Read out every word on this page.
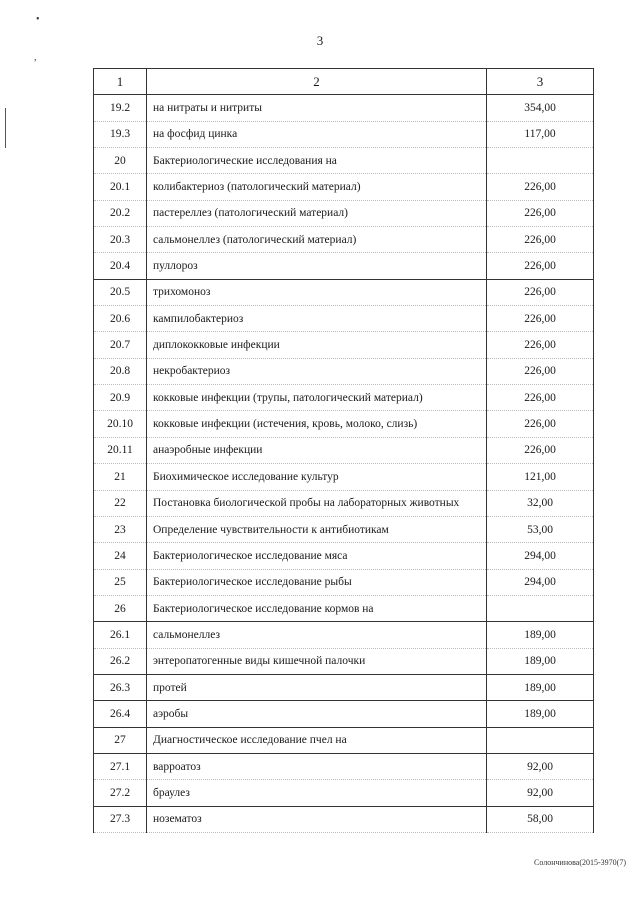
•
,
3
1	2	3
19.2	на нитраты и нитриты	354,00
19.3	на фосфид цинка	117,00
20	Бактериологические исследования на	
20.1	колибактериоз (патологический материал)	226,00
20.2	пастереллез (патологический материал)	226,00
20.3	сальмонеллез (патологический материал)	226,00
20.4	пуллороз	226,00
20.5	трихомоноз	226,00
20.6	кампилобактериоз	226,00
20.7	диплококковые инфекции	226,00
20.8	некробактериоз	226,00
20.9	кокковые инфекции (трупы, патологический материал)	226,00
20.10	кокковые инфекции (истечения, кровь, молоко, слизь)	226,00
20.11	анаэробные инфекции	226,00
21	Биохимическое исследование культур	121,00
22	Постановка биологической пробы на лабораторных животных	32,00
23	Определение чувствительности к антибиотикам	53,00
24	Бактериологическое исследование мяса	294,00
25	Бактериологическое исследование рыбы	294,00
26	Бактериологическое исследование кормов на	
26.1	сальмонеллез	189,00
26.2	энтеропатогенные виды кишечной палочки	189,00
26.3	протей	189,00
26.4	аэробы	189,00
27	Диагностическое исследование пчел на	
27.1	варроатоз	92,00
27.2	браулез	92,00
27.3	нозематоз	58,00
Солончинова(2015-3970(7)
